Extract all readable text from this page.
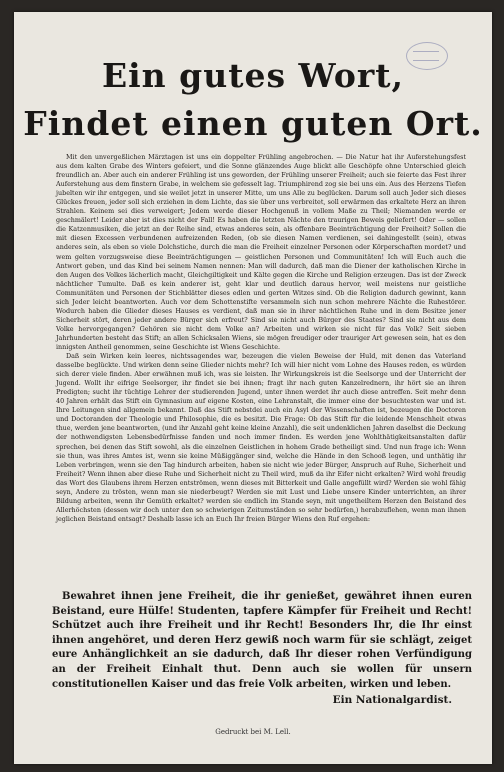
Ein gutes Wort,
Findet einen guten Ort.

Mit den unvergeßlichen Märztagen ist uns ein doppelter Frühling angebrochen. — Die Natur hat ihr Auferstehungsfest aus dem kalten Grabe des Winters gefeiert, und die Sonne glänzendes Auge blickt alle Geschöpfe ohne Unterschied gleich freundlich an. Aber auch ein anderer Frühling ist uns geworden, der Frühling unserer Freiheit; auch sie feierte das Fest ihrer Auferstehung aus dem finstern Grabe, in welchem sie gefesselt lag. Triumphirend zog sie bei uns ein. Aus des Herzens Tiefen jubelten wir ihr entgegen, und sie weilet jetzt in unserer Mitte, um uns Alle zu beglücken. Darum soll auch Jeder sich dieses Glückes freuen, jeder soll sich erziehen in dem Lichte, das sie über uns verbreitet, soll erwärmen das erkaltete Herz an ihren Strahlen. Keinem sei dies verweigert; Jedem werde dieser Hochgenuß in vollem Maße zu Theil; Niemanden werde er geschmälert! Leider aber ist dies nicht der Fall! Es haben die letzten Nächte den traurigen Beweis geliefert! Oder — sollen die Katzenmusiken, die jetzt an der Reihe sind, etwas anderes sein, als offenbare Beeinträchtigung der Freiheit? Sollen die mit diesen Excessen verbundenen aufreizenden Reden, (ob sie diesen Namen verdienen, sei dahingestellt (sein), etwas anderes sein, als eben so viele Dolchstiche, durch die man die Freiheit einzelner Personen oder Körperschaften mordet? und wem gelten vorzugsweise diese Beeinträchtigungen — geistlichen Personen und Communitäten! Ich will Euch auch die Antwort geben, und das Kind bei seinem Namen nennen: Man will dadurch, daß man die Diener der katholischen Kirche in den Augen des Volkes lächerlich macht, Gleichgiltigkeit und Kälte gegen die Kirche und Religion erzeugen. Das ist der Zweck nächtlicher Tumulte. Daß es kein anderer ist, geht klar und deutlich daraus hervor, weil meistens nur geistliche Communitäten und Personen der Stichblätter dieses edlen und gerten Witzes sind. Ob die Religion dadurch gewinnt, kann sich Jeder leicht beantworten. Auch vor dem Schottenstifte versammeln sich nun schon mehrere Nächte die Ruhestörer. Wodurch haben die Glieder dieses Hauses es verdient, daß man sie in ihrer nächtlichen Ruhe und in dem Besitze jener Sicherheit stört, deren jeder andere Bürger sich erfreut? Sind sie nicht auch Bürger des Staates? Sind sie nicht aus dem Volke hervorgegangen? Gehören sie nicht dem Volke an? Arbeiten und wirken sie nicht für das Volk? Seit sieben Jahrhunderten besteht das Stift; an allen Schicksalen Wiens, sie mögen freudiger oder trauriger Art gewesen sein, hat es den innigsten Antheil genommen, seine Geschichte ist Wiens Geschichte.

Daß sein Wirken kein leeres, nichtssagendes war, bezeugen die vielen Beweise der Huld, mit denen das Vaterland dasselbe beglückte. Und wirken denn seine Glieder nichts mehr? Ich will hier nicht vom Lohne des Hauses reden, es würden sich derer viele finden. Aber erwähnen muß ich, was sie leisten. Ihr Wirkungskreis ist die Seelsorge und der Unterricht der Jugend. Wollt ihr eifrige Seelsorger, ihr findet sie bei ihnen; fragt ihr nach guten Kanzelrednern, ihr hört sie an ihren Predigten; sucht ihr tüchtige Lehrer der studierenden Jugend, unter ihnen werdet ihr auch diese antreffen. Seit mehr denn 40 Jahren erhält das Stift ein Gymnasium auf eigene Kosten, eine Lehranstalt, die immer eine der besuchtesten war und ist. Ihre Leitungen sind allgemein bekannt. Daß das Stift nebstdei auch ein Asyl der Wissenschaften ist, bezeugen die Doctoren und Doctoranden der Theologie und Philosophie, die es besitzt. Die Frage: Ob das Stift für die leidende Menschheit etwas thue, werden jene beantworten, (und ihr Anzahl geht keine kleine Anzahl), die seit undenklichen Jahren daselbst die Deckung der nothwendigsten Lebensbedürfnisse fanden und noch immer finden. Es werden jene Wohlthätigkeitsanstalten dafür sprechen, bei denen das Stift sowohl, als die einzelnen Geistlichen in hohem Grade betheiligt sind. Und nun frage ich: Wenn sie thun, was ihres Amtes ist, wenn sie keine Müßiggänger sind, welche die Hände in den Schooß legen, und unthätig ihr Leben verbringen, wenn sie den Tag hindurch arbeiten, haben sie nicht wie jeder Bürger, Anspruch auf Ruhe, Sicherheit und Freiheit? Wenn ihnen aber diese Ruhe und Sicherheit nicht zu Theil wird, muß da ihr Eifer nicht erkalten? Wird wohl freudig das Wort des Glaubens ihrem Herzen entströmen, wenn dieses mit Bitterkeit und Galle angefüllt wird? Werden sie wohl fähig seyn, Andere zu trösten, wenn man sie niederbeugt? Werden sie mit Lust und Liebe unsere Kinder unterrichten, an ihrer Bildung arbeiten, wenn ihr Gemüth erkaltet? werden sie endlich im Stande seyn, mit ungetheiltem Herzen den Beistand des Allerhöchsten (dessen wir doch unter den so schwierigen Zeitumständen so sehr bedürfen,) herabzuflehen, wenn man ihnen jeglichen Beistand entsagt? Deshalb lasse ich an Euch Ihr freien Bürger Wiens den Ruf ergehen:

Bewahret ihnen jene Freiheit, die ihr genießet, gewähret ihnen euren Beistand, eure Hülfe! Studenten, tapfere Kämpfer für Freiheit und Recht! Schützet auch ihre Freiheit und ihr Recht! Besonders Ihr, die Ihr einst ihnen angehöret, und deren Herz gewiß noch warm für sie schlägt, zeiget eure Anhänglichkeit an sie dadurch, daß Ihr dieser rohen Verfündigung an der Freiheit Einhalt thut. Denn auch sie wollen für unsern constitutionellen Kaiser und das freie Volk arbeiten, wirken und leben.

Ein Nationalgardist.
Gedruckt bei M. Lell.
